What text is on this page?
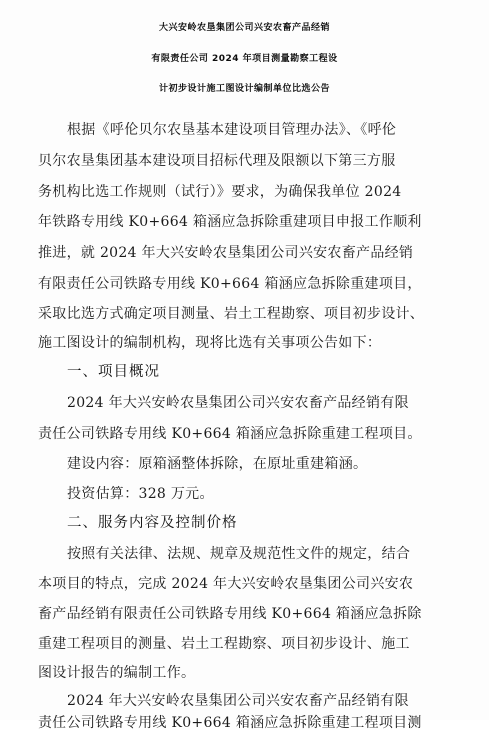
大兴安岭农垦集团公司兴安农畜产品经销
有限责任公司 2024 年项目测量勘察工程设
计初步设计施工图设计编制单位比选公告
根据《呼伦贝尔农垦基本建设项目管理办法》、《呼伦
贝尔农垦集团基本建设项目招标代理及限额以下第三方服
务机构比选工作规则（试行）》要求，为确保我单位 2024
年铁路专用线 K0+664 箱涵应急拆除重建项目申报工作顺利
推进，就 2024 年大兴安岭农垦集团公司兴安农畜产品经销
有限责任公司铁路专用线 K0+664 箱涵应急拆除重建项目，
采取比选方式确定项目测量、岩土工程勘察、项目初步设计、
施工图设计的编制机构，现将比选有关事项公告如下：
一、项目概况
2024 年大兴安岭农垦集团公司兴安农畜产品经销有限
责任公司铁路专用线 K0+664 箱涵应急拆除重建工程项目。
建设内容：原箱涵整体拆除，在原址重建箱涵。
投资估算：328 万元。
二、服务内容及控制价格
按照有关法律、法规、规章及规范性文件的规定，结合
本项目的特点，完成 2024 年大兴安岭农垦集团公司兴安农
畜产品经销有限责任公司铁路专用线 K0+664 箱涵应急拆除
重建工程项目的测量、岩土工程勘察、项目初步设计、施工
图设计报告的编制工作。
2024 年大兴安岭农垦集团公司兴安农畜产品经销有限
责任公司铁路专用线 K0+664 箱涵应急拆除重建工程项目测
